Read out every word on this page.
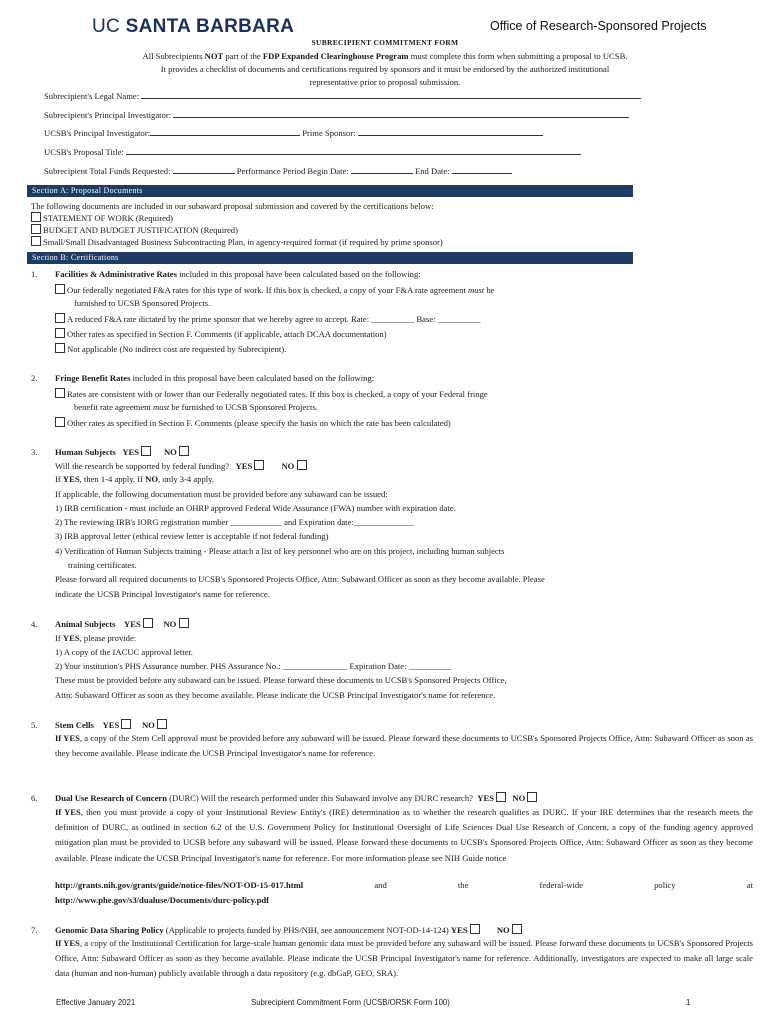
UC SANTA BARBARA	Office of Research-Sponsored Projects
SUBRECIPIENT COMMITMENT FORM
All Subrecipients NOT part of the FDP Expanded Clearinghouse Program must complete this form when submitting a proposal to UCSB.
It provides a checklist of documents and certifications required by sponsors and it must be endorsed by the authorized institutional
representative prior to proposal submission.
Subrecipient's Legal Name:
Subrecipient's Principal Investigator:
UCSB's Principal Investigator:	Prime Sponsor:
UCSB's Proposal Title:
Subrecipient Total Funds Requested:	Performance Period Begin Date:	End Date:
Section A: Proposal Documents
The following documents are included in our subaward proposal submission and covered by the certifications below:
STATEMENT OF WORK (Required)
BUDGET AND BUDGET JUSTIFICATION (Required)
Small/Small Disadvantaged Business Subcontracting Plan, in agency-required format (if required by prime sponsor)
Section B: Certifications
1. Facilities & Administrative Rates included in this proposal have been calculated based on the following:
Our federally negotiated F&A rates for this type of work. If this box is checked, a copy of your F&A rate agreement must be
furnished to UCSB Sponsored Projects.
A reduced F&A rate dictated by the prime sponsor that we hereby agree to accept. Rate: __________ Base: __________
Other rates as specified in Section F. Comments (if applicable, attach DCAA documentation)
Not applicable (No indirect cost are requested by Subrecipient).
2. Fringe Benefit Rates included in this proposal have been calculated based on the following:
Rates are consistent with or lower than our Federally negotiated rates. If this box is checked, a copy of your Federal fringe
benefit rate agreement must be furnished to UCSB Sponsored Projects.
Other rates as specified in Section F. Comments (please specify the basis on which the rate has been calculated)
3. Human Subjects YES	NO
Will the research be supported by federal funding? YES	NO
If YES, then 1-4 apply. If NO, only 3-4 apply.
If applicable, the following documentation must be provided before any subaward can be issued:
1) IRB certification - must include an OHRP approved Federal Wide Assurance (FWA) number with expiration date.
2) The reviewing IRB's IORG registration number ____________ and Expiration date:______________
3) IRB approval letter (ethical review letter is acceptable if not federal funding)
4) Verification of Human Subjects training - Please attach a list of key personnel who are on this project, including human subjects
training certificates.
Please forward all required documents to UCSB's Sponsored Projects Office, Attn: Subaward Officer as soon as they become available. Please
indicate the UCSB Principal Investigator's name for reference.
4. Animal Subjects YES	NO
If YES, please provide:
1) A copy of the IACUC approval letter.
2) Your institution's PHS Assurance number. PHS Assurance No.: _______________ Expiration Date: __________
These must be provided before any subaward can be issued. Please forward these documents to UCSB's Sponsored Projects Office,
Attn: Subaward Officer as soon as they become available. Please indicate the UCSB Principal Investigator's name for reference.
5. Stem Cells YES	NO
If YES, a copy of the Stem Cell approval must be provided before any subaward will be issued. Please forward these documents to UCSB's Sponsored Projects Office, Attn: Subaward Officer as soon as they become available. Please indicate the UCSB Principal Investigator's name for reference.
6. Dual Use Research of Concern (DURC) Will the research performed under this Subaward involve any DURC research? YES NO
If YES, then you must provide a copy of your Institutional Review Entity's (IRE) determination as to whether the research qualifies as DURC. If your IRE determines that the research meets the definition of DURC, as outlined in section 6.2 of the U.S. Government Policy for Institutional Oversight of Life Sciences Dual Use Research of Concern, a copy of the funding agency approved mitigation plan must be provided to UCSB before any subaward will be issued. Please forward these documents to UCSB's Sponsored Projects Office, Attn: Subaward Officer as soon as they become available. Please indicate the UCSB Principal Investigator's name for reference. For more information please see NIH Guide notice
http://grants.nih.gov/grants/guide/notice-files/NOT-OD-15-017.html	and	the	federal-wide	policy	at
http://www.phe.gov/s3/dualuse/Documents/durc-policy.pdf
7. Genomic Data Sharing Policy (Applicable to projects funded by PHS/NIH, see announcement NOT-OD-14-124) YES	NO
If YES, a copy of the Institutional Certification for large-scale human genomic data must be provided before any subaward will be issued. Please forward these documents to UCSB's Sponsored Projects Office, Attn: Subaward Officer as soon as they become available. Please indicate the UCSB Principal Investigator's name for reference. Additionally, investigators are expected to make all large scale data (human and non-human) publicly available through a data repository (e.g. dbGaP, GEO, SRA).
Effective January 2021	Subrecipient Commitment Form (UCSB/ORSK Form 100)	1
